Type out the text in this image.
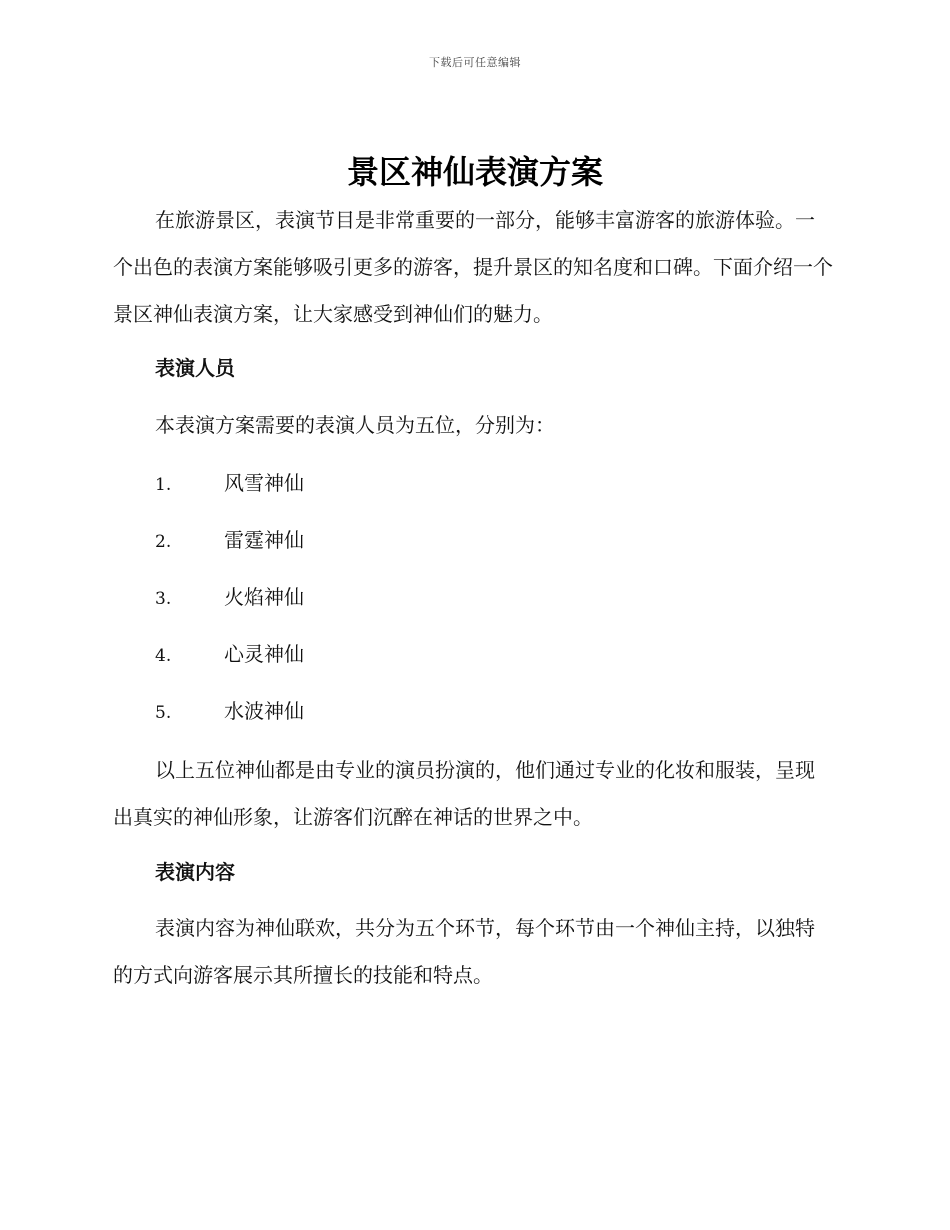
下载后可任意编辑
景区神仙表演方案

在旅游景区，表演节目是非常重要的一部分，能够丰富游客的旅游体验。一个出色的表演方案能够吸引更多的游客，提升景区的知名度和口碑。下面介绍一个景区神仙表演方案，让大家感受到神仙们的魅力。

表演人员

本表演方案需要的表演人员为五位，分别为：

1.	风雪神仙
2.	雷霆神仙
3.	火焰神仙
4.	心灵神仙
5.	水波神仙

以上五位神仙都是由专业的演员扮演的，他们通过专业的化妆和服装，呈现出真实的神仙形象，让游客们沉醉在神话的世界之中。

表演内容

表演内容为神仙联欢，共分为五个环节，每个环节由一个神仙主持，以独特的方式向游客展示其所擅长的技能和特点。
